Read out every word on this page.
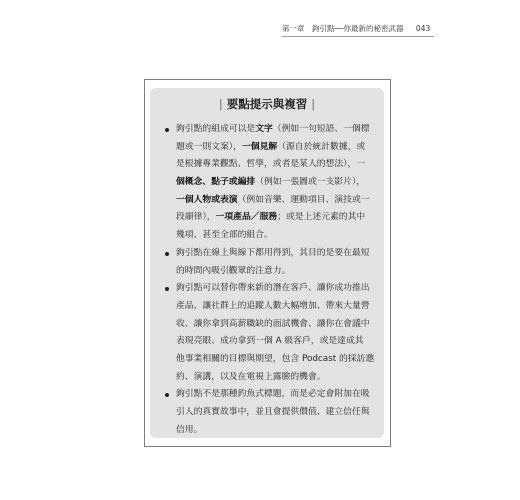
第一章　鉤引點──你最新的秘密武器 043
| 要點提示與複習 |
鉤引點的組成可以是文字（例如一句短語、一個標
題或一則文案），一個見解（源自於統計數據，或
是根據專業觀點、哲學，或者是某人的想法），一
個概念、點子或編排（例如一張圖或一支影片），
一個人物或表演（例如音樂、運動項目、演技或一
段韻律），一項產品／服務；或是上述元素的其中
幾項、甚至全部的組合。
鉤引點在線上與線下都用得到，其目的是要在最短
的時間內吸引觀眾的注意力。
鉤引點可以替你帶來新的潛在客戶、讓你成功推出
產品、讓社群上的追蹤人數大幅增加、帶來大量營
收、讓你拿到高薪職缺的面試機會、讓你在會議中
表現亮眼、成功拿到一個 A 級客戶，或是達成其
他事業相關的目標與期望，包含 Podcast 的採訪邀
約、演講，以及在電視上露臉的機會。
鉤引點不是那種釣魚式標題，而是必定會附加在吸
引人的真實故事中，並且會提供價值、建立信任與
信用。
